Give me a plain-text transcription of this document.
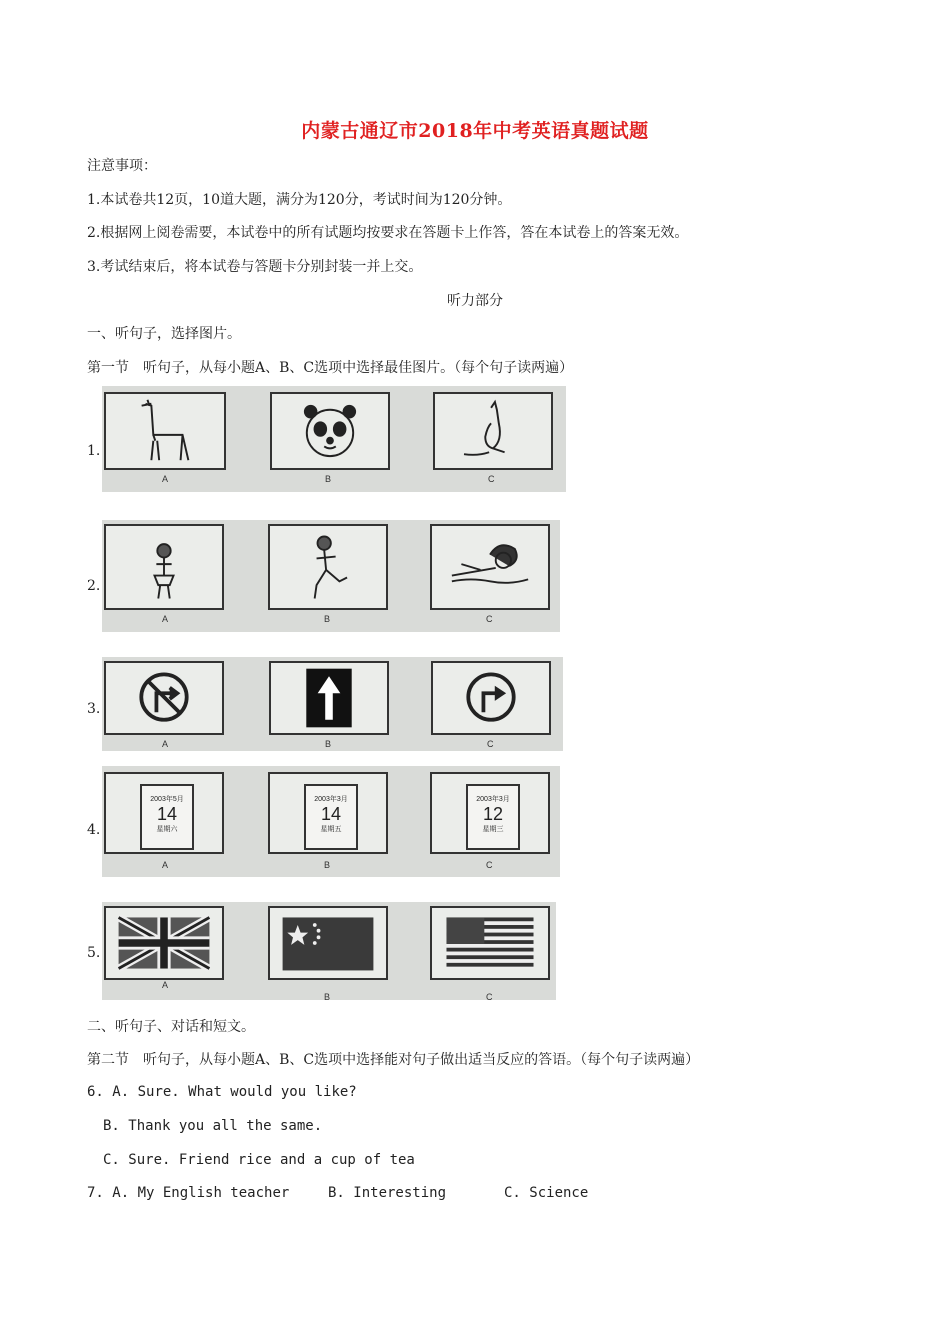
内蒙古通辽市2018年中考英语真题试题
注意事项：
1.本试卷共12页，10道大题，满分为120分，考试时间为120分钟。
2.根据网上阅卷需要，本试卷中的所有试题均按要求在答题卡上作答，答在本试卷上的答案无效。
3.考试结束后，将本试卷与答题卡分别封装一并上交。
听力部分
一、听句子，选择图片。
第一节　听句子，从每小题A、B、C选项中选择最佳图片。（每个句子读两遍）
1.
A	B	C
2.
A	B	C
3.
A	B	C
4.
2003年5月
14
星期六
A
2003年3月
14
星期五
B
2003年3月
12
星期三
C
5.
A
B	C
二、听句子、对话和短文。
第二节　听句子，从每小题A、B、C选项中选择能对句子做出适当反应的答语。（每个句子读两遍）
6. A. Sure. What would you like?
B. Thank you all the same.
C. Sure. Friend rice and a cup of tea
7. A. My English teacher	B. Interesting	C. Science
